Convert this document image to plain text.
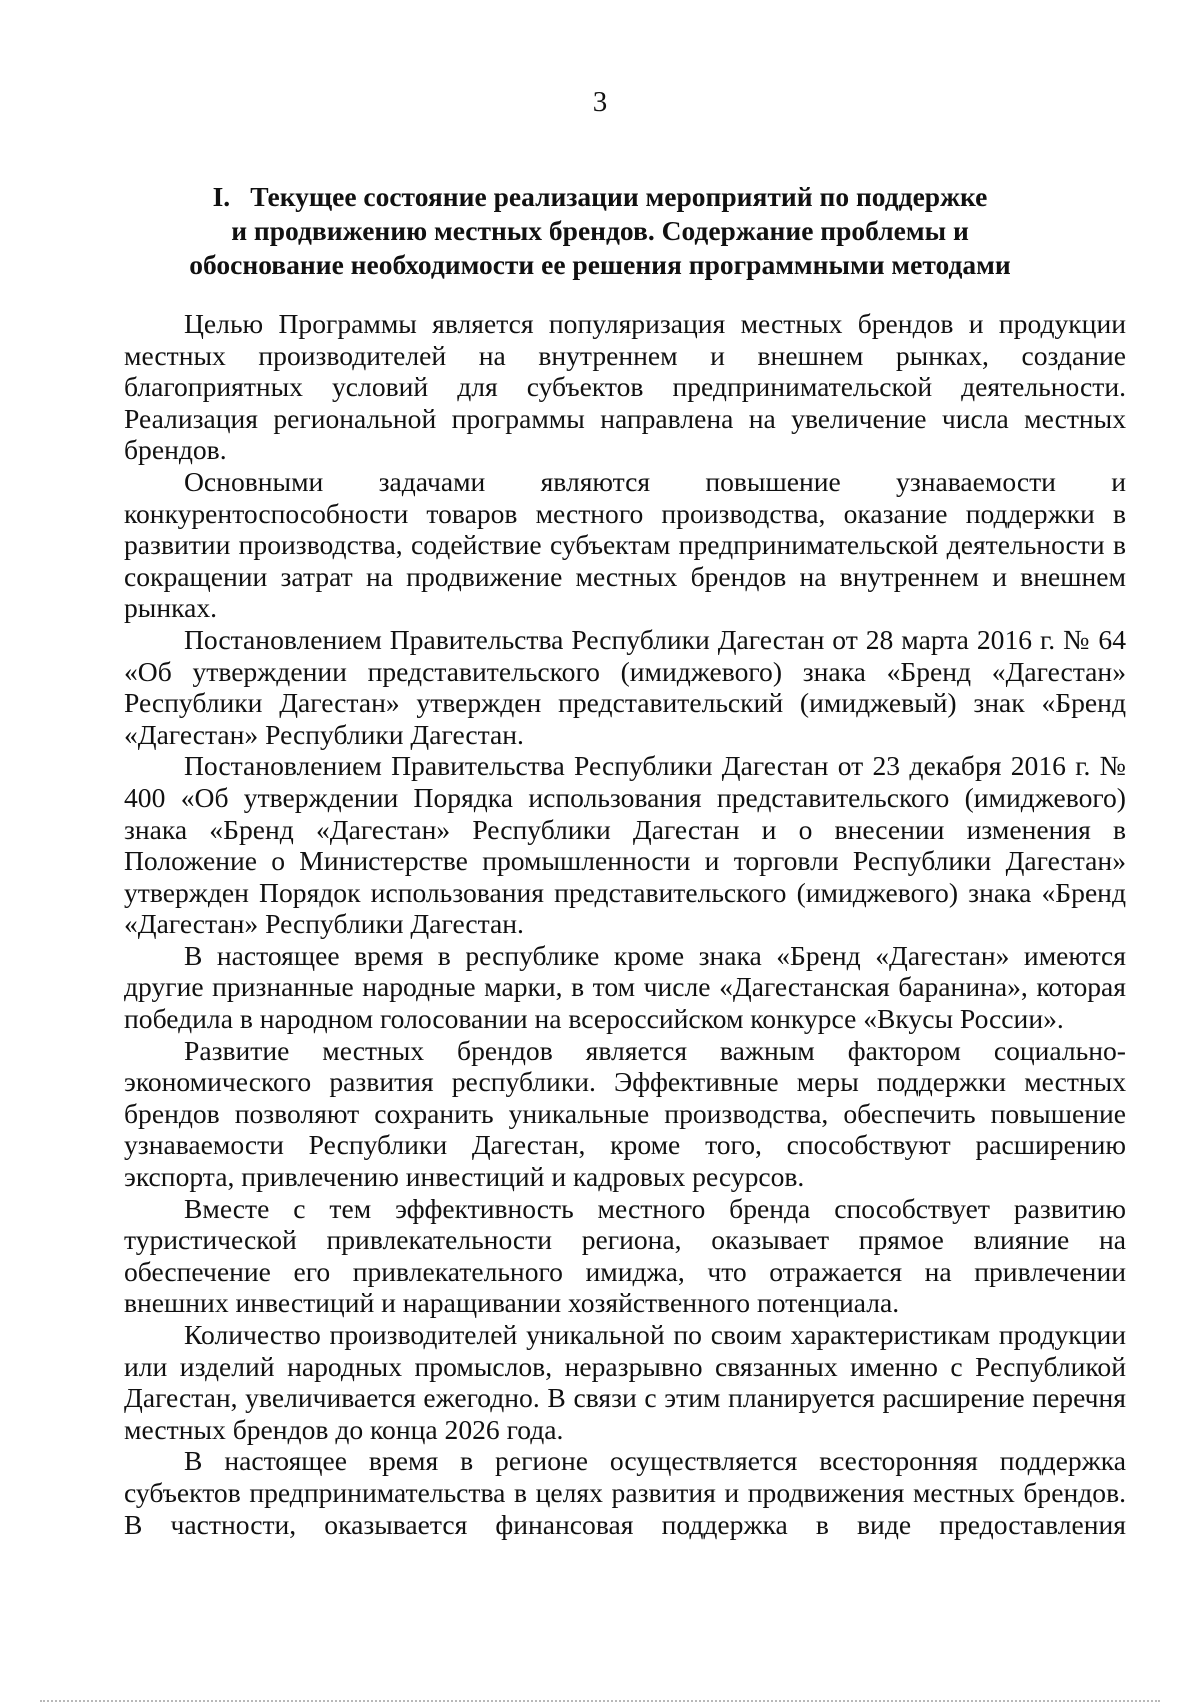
3
I. Текущее состояние реализации мероприятий по поддержке
и продвижению местных брендов. Содержание проблемы и
обоснование необходимости ее решения программными методами

Целью Программы является популяризация местных брендов и продукции местных производителей на внутреннем и внешнем рынках, создание благоприятных условий для субъектов предпринимательской деятельности. Реализация региональной программы направлена на увеличение числа местных брендов.

Основными задачами являются повышение узнаваемости и конкурентоспособности товаров местного производства, оказание поддержки в развитии производства, содействие субъектам предпринимательской деятельности в сокращении затрат на продвижение местных брендов на внутреннем и внешнем рынках.

Постановлением Правительства Республики Дагестан от 28 марта 2016 г. № 64 «Об утверждении представительского (имиджевого) знака «Бренд «Дагестан» Республики Дагестан» утвержден представительский (имиджевый) знак «Бренд «Дагестан» Республики Дагестан.

Постановлением Правительства Республики Дагестан от 23 декабря 2016 г. № 400 «Об утверждении Порядка использования представительского (имиджевого) знака «Бренд «Дагестан» Республики Дагестан и о внесении изменения в Положение о Министерстве промышленности и торговли Республики Дагестан» утвержден Порядок использования представительского (имиджевого) знака «Бренд «Дагестан» Республики Дагестан.

В настоящее время в республике кроме знака «Бренд «Дагестан» имеются другие признанные народные марки, в том числе «Дагестанская баранина», которая победила в народном голосовании на всероссийском конкурсе «Вкусы России».

Развитие местных брендов является важным фактором социально-экономического развития республики. Эффективные меры поддержки местных брендов позволяют сохранить уникальные производства, обеспечить повышение узнаваемости Республики Дагестан, кроме того, способствуют расширению экспорта, привлечению инвестиций и кадровых ресурсов.

Вместе с тем эффективность местного бренда способствует развитию туристической привлекательности региона, оказывает прямое влияние на обеспечение его привлекательного имиджа, что отражается на привлечении внешних инвестиций и наращивании хозяйственного потенциала.

Количество производителей уникальной по своим характеристикам продукции или изделий народных промыслов, неразрывно связанных именно с Республикой Дагестан, увеличивается ежегодно. В связи с этим планируется расширение перечня местных брендов до конца 2026 года.

В настоящее время в регионе осуществляется всесторонняя поддержка субъектов предпринимательства в целях развития и продвижения местных брендов. В частности, оказывается финансовая поддержка в виде предоставления
